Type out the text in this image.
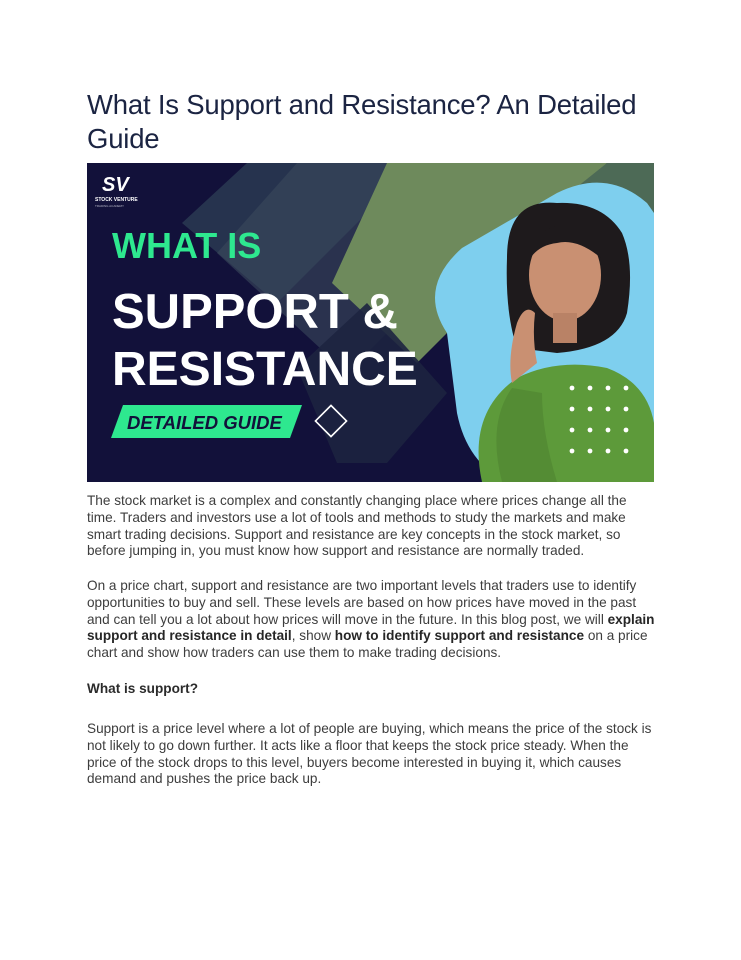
What Is Support and Resistance? An Detailed Guide
SV
STOCK VENTURE
TRADING ACADEMY
WHAT IS
SUPPORT &
RESISTANCE
DETAILED GUIDE

The stock market is a complex and constantly changing place where prices change all the time. Traders and investors use a lot of tools and methods to study the markets and make smart trading decisions. Support and resistance are key concepts in the stock market, so before jumping in, you must know how support and resistance are normally traded.

On a price chart, support and resistance are two important levels that traders use to identify opportunities to buy and sell. These levels are based on how prices have moved in the past and can tell you a lot about how prices will move in the future. In this blog post, we will explain support and resistance in detail, show how to identify support and resistance on a price chart and show how traders can use them to make trading decisions.

What is support?

Support is a price level where a lot of people are buying, which means the price of the stock is not likely to go down further. It acts like a floor that keeps the stock price steady. When the price of the stock drops to this level, buyers become interested in buying it, which causes demand and pushes the price back up.
